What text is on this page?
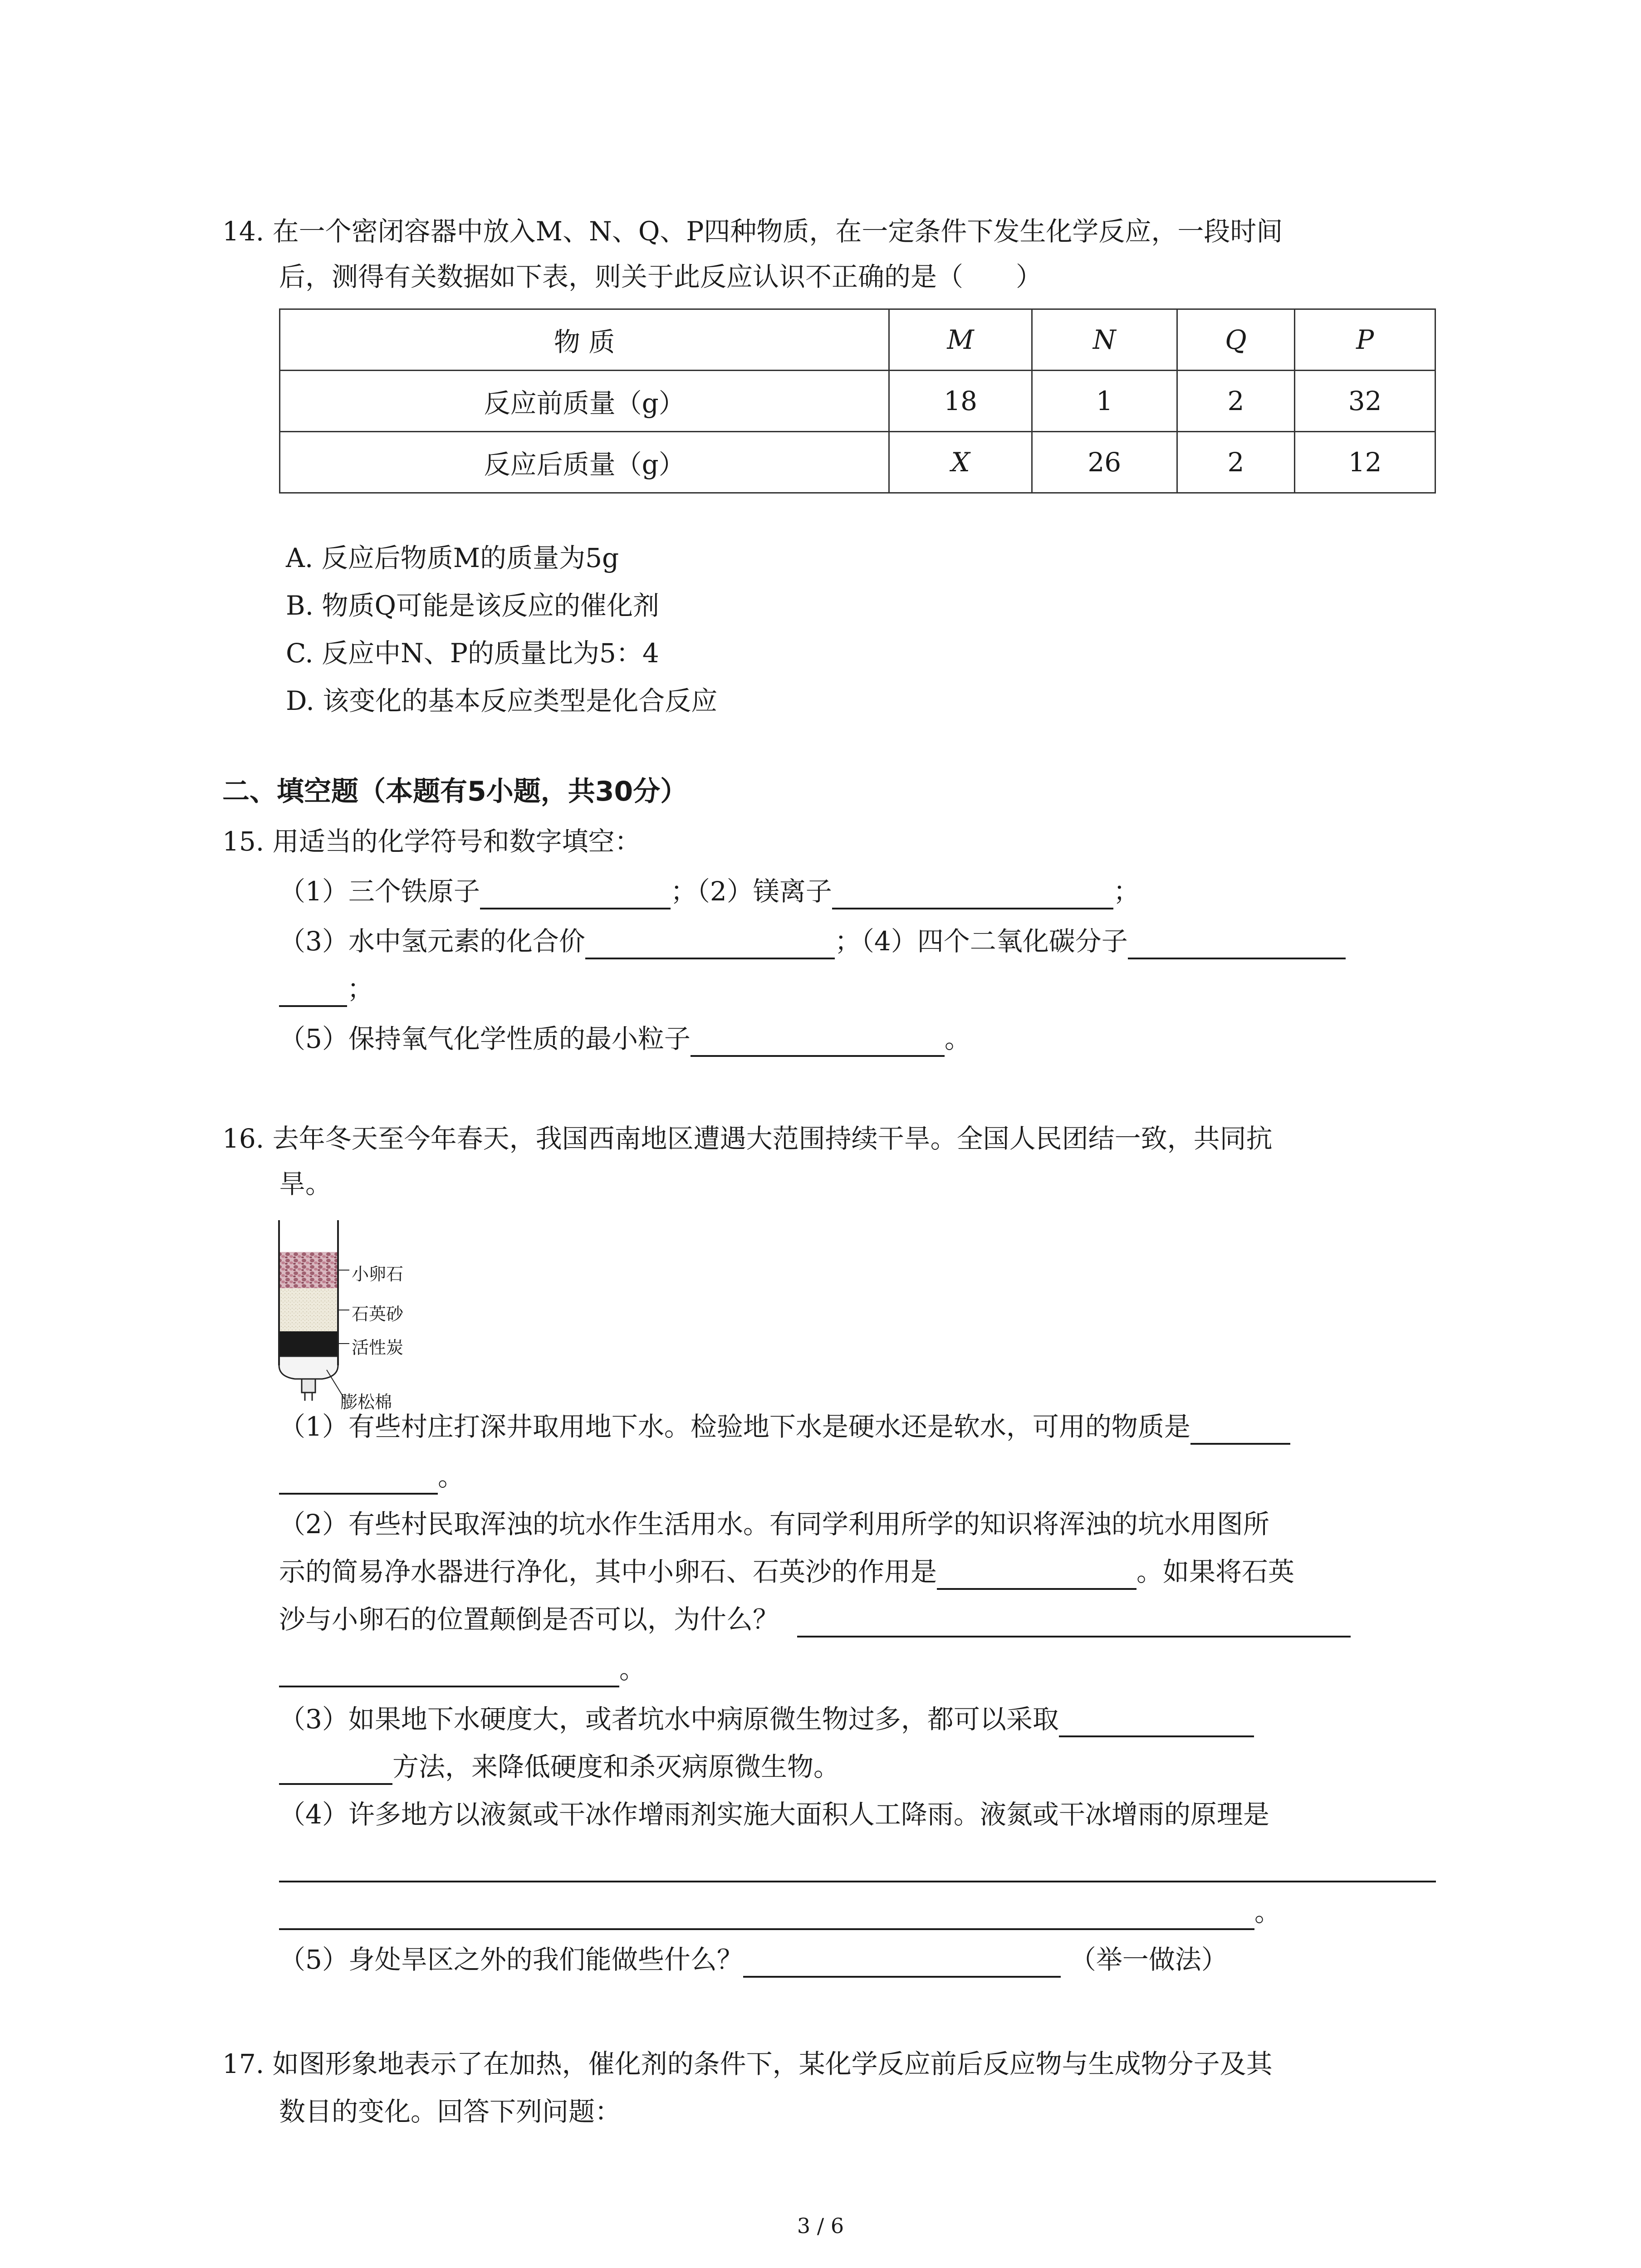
14. 在一个密闭容器中放入M、N、Q、P四种物质，在一定条件下发生化学反应，一段时间
后，测得有关数据如下表，则关于此反应认识不正确的是（　　）
物 质	M	N	Q	P
反应前质量（g）	18	1	2	32
反应后质量（g）	X	26	2	12
A. 反应后物质M的质量为5g
B. 物质Q可能是该反应的催化剂
C. 反应中N、P的质量比为5：4
D. 该变化的基本反应类型是化合反应
二、填空题（本题有5小题，共30分）
15. 用适当的化学符号和数字填空：
（1）三个铁原子	；（2）镁离子	；
（3）水中氢元素的化合价	；（4）四个二氧化碳分子
；
（5）保持氧气化学性质的最小粒子	。
16. 去年冬天至今年春天，我国西南地区遭遇大范围持续干旱。全国人民团结一致，共同抗
旱。
小卵石
石英砂
活性炭
膨松棉
（1）有些村庄打深井取用地下水。检验地下水是硬水还是软水，可用的物质是
。
（2）有些村民取浑浊的坑水作生活用水。有同学利用所学的知识将浑浊的坑水用图所
示的简易净水器进行净化，其中小卵石、石英沙的作用是	。如果将石英
沙与小卵石的位置颠倒是否可以，为什么？
。
（3）如果地下水硬度大，或者坑水中病原微生物过多，都可以采取
方法，来降低硬度和杀灭病原微生物。
（4）许多地方以液氮或干冰作增雨剂实施大面积人工降雨。液氮或干冰增雨的原理是
。
（5）身处旱区之外的我们能做些什么？	（举一做法）
17. 如图形象地表示了在加热，催化剂的条件下，某化学反应前后反应物与生成物分子及其
数目的变化。回答下列问题：
3 / 6
